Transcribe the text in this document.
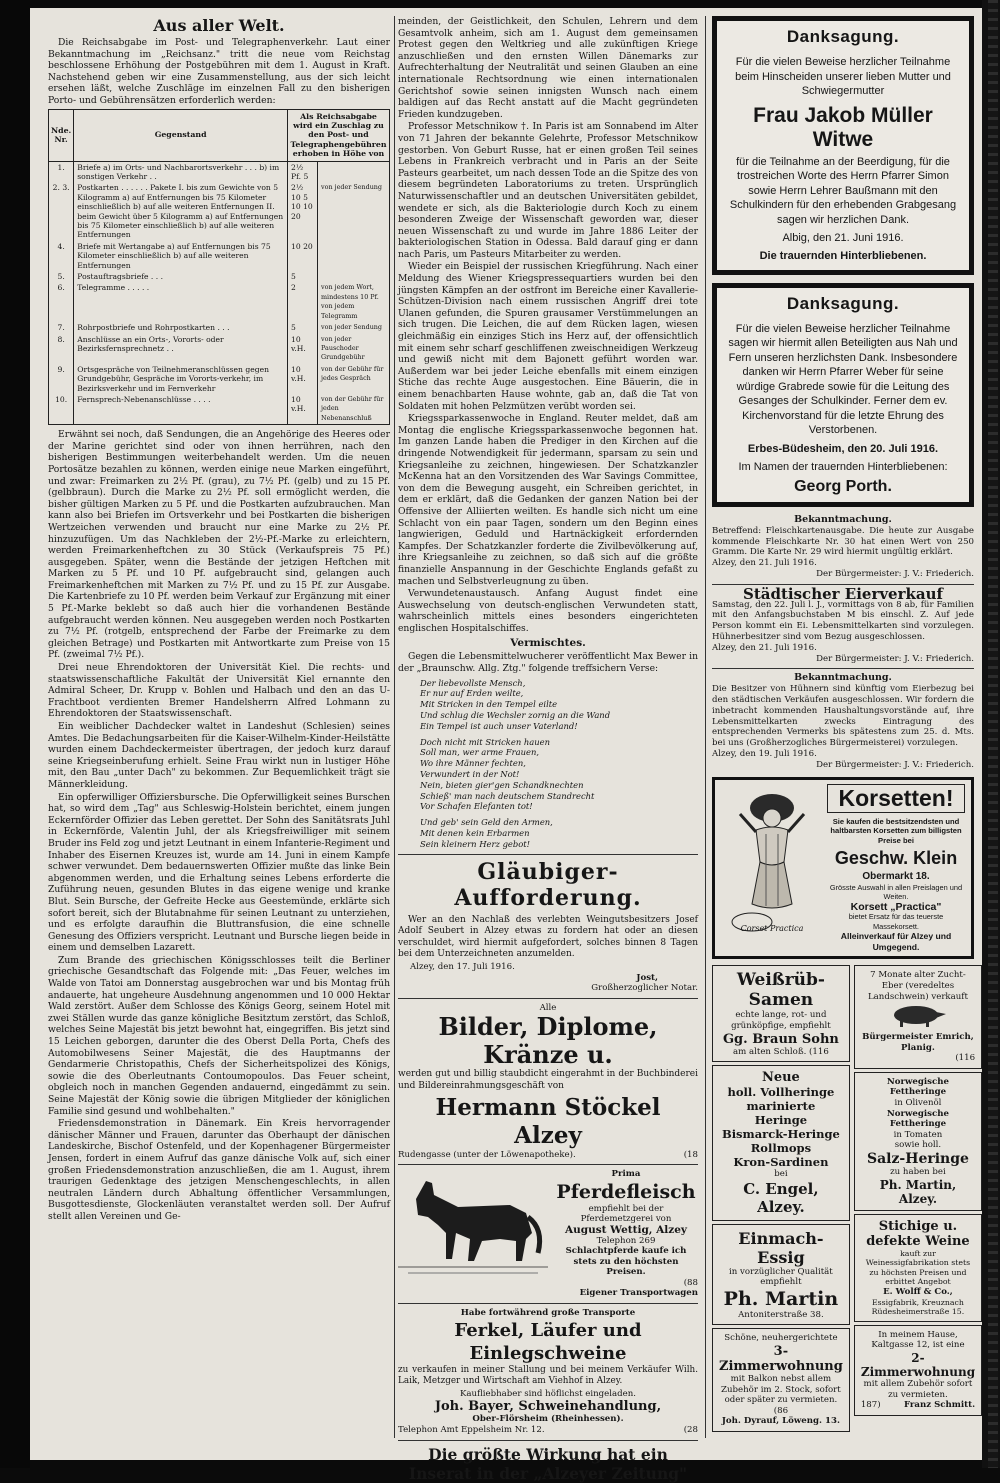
Aus aller Welt.

Die Reichsabgabe im Post- und Telegraphenverkehr. Laut einer Bekanntmachung im „Reichsanz." tritt die neue vom Reichstag beschlossene Erhöhung der Postgebühren mit dem 1. August in Kraft. Nachstehend geben wir eine Zusammenstellung, aus der sich leicht ersehen läßt, welche Zuschläge im einzelnen Fall zu den bisherigen Porto- und Gebührensätzen erforderlich werden:

Nde. Nr.	Gegenstand	Als Reichsabgabe wird ein Zuschlag zu den Post- und Telegraphengebühren erhoben in Höhe von	
1.	Briefe a) im Orts- und Nachbarortsverkehr . . . b) im sonstigen Verkehr . .	2½ Pf. 5	
2. 3.	Postkarten . . . . . . Pakete I. bis zum Gewichte von 5 Kilogramm a) auf Entfernungen bis 75 Kilometer einschließlich b) auf alle weiteren Entfernungen II. beim Gewicht über 5 Kilogramm a) auf Entfernungen bis 75 Kilometer einschließlich b) auf alle weiteren Entfernungen	2½ 10 5 10 10 20	von jeder Sendung
4.	Briefe mit Wertangabe a) auf Entfernungen bis 75 Kilometer einschließlich b) auf alle weiteren Entfernungen	10 20	
5.	Postauftragsbriefe . . .	5	
6.	Telegramme . . . . .	2	von jedem Wort, mindestens 10 Pf. von jedem Telegramm
7.	Rohrpostbriefe und Rohrpostkarten . . .	5	von jeder Sendung
8.	Anschlüsse an ein Orts-, Vororts- oder Bezirksfernsprechnetz . .	10 v.H.	von jeder Pauschoder Grundgebühr
9.	Ortsgespräche von Teilnehmeranschlüssen gegen Grundgebühr, Gespräche im Vororts-verkehr, im Bezirksverkehr und im Fernverkehr	10 v.H.	von der Gebühr für jedes Gespräch
10.	Fernsprech-Nebenanschlüsse . . . .	10 v.H.	von der Gebühr für jeden Nebenanschluß

Erwähnt sei noch, daß Sendungen, die an Angehörige des Heeres oder der Marine gerichtet sind oder von ihnen herrühren, nach den bisherigen Bestimmungen weiterbehandelt werden. Um die neuen Portosätze bezahlen zu können, werden einige neue Marken eingeführt, und zwar: Freimarken zu 2½ Pf. (grau), zu 7½ Pf. (gelb) und zu 15 Pf. (gelbbraun). Durch die Marke zu 2½ Pf. soll ermöglicht werden, die bisher gültigen Marken zu 5 Pf. und die Postkarten aufzubrauchen. Man kann also bei Briefen im Ortsverkehr und bei Postkarten die bisherigen Wertzeichen verwenden und braucht nur eine Marke zu 2½ Pf. hinzuzufügen. Um das Nachkleben der 2½-Pf.-Marke zu erleichtern, werden Freimarkenheftchen zu 30 Stück (Verkaufspreis 75 Pf.) ausgegeben. Später, wenn die Bestände der jetzigen Heftchen mit Marken zu 5 Pf. und 10 Pf. aufgebraucht sind, gelangen auch Freimarkenheftchen mit Marken zu 7½ Pf. und zu 15 Pf. zur Ausgabe. Die Kartenbriefe zu 10 Pf. werden beim Verkauf zur Ergänzung mit einer 5 Pf.-Marke beklebt so daß auch hier die vorhandenen Bestände aufgebraucht werden können. Neu ausgegeben werden noch Postkarten zu 7½ Pf. (rotgelb, entsprechend der Farbe der Freimarke zu dem gleichen Betrage) und Postkarten mit Antwortkarte zum Preise von 15 Pf. (zweimal 7½ Pf.).

Drei neue Ehrendoktoren der Universität Kiel. Die rechts- und staatswissenschaftliche Fakultät der Universität Kiel ernannte den Admiral Scheer, Dr. Krupp v. Bohlen und Halbach und den an das U-Frachtboot verdienten Bremer Handelsherrn Alfred Lohmann zu Ehrendoktoren der Staatswissenschaft.

Ein weiblicher Dachdecker waltet in Landeshut (Schlesien) seines Amtes. Die Bedachungsarbeiten für die Kaiser-Wilhelm-Kinder-Heilstätte wurden einem Dachdeckermeister übertragen, der jedoch kurz darauf seine Kriegseinberufung erhielt. Seine Frau wirkt nun in lustiger Höhe mit, den Bau „unter Dach" zu bekommen. Zur Bequemlichkeit trägt sie Männerkleidung.

Ein opferwilliger Offiziersbursche. Die Opferwilligkeit seines Burschen hat, so wird dem „Tag" aus Schleswig-Holstein berichtet, einem jungen Eckernförder Offizier das Leben gerettet. Der Sohn des Sanitätsrats Juhl in Eckernförde, Valentin Juhl, der als Kriegsfreiwilliger mit seinem Bruder ins Feld zog und jetzt Leutnant in einem Infanterie-Regiment und Inhaber des Eisernen Kreuzes ist, wurde am 14. Juni in einem Kampfe schwer verwundet. Dem bedauernswerten Offizier mußte das linke Bein abgenommen werden, und die Erhaltung seines Lebens erforderte die Zuführung neuen, gesunden Blutes in das eigene wenige und kranke Blut. Sein Bursche, der Gefreite Hecke aus Geestemünde, erklärte sich sofort bereit, sich der Blutabnahme für seinen Leutnant zu unterziehen, und es erfolgte daraufhin die Bluttransfusion, die eine schnelle Genesung des Offiziers verspricht. Leutnant und Bursche liegen beide in einem und demselben Lazarett.

Zum Brande des griechischen Königsschlosses teilt die Berliner griechische Gesandtschaft das Folgende mit: „Das Feuer, welches im Walde von Tatoi am Donnerstag ausgebrochen war und bis Montag früh andauerte, hat ungeheure Ausdehnung angenommen und 10 000 Hektar Wald zerstört. Außer dem Schlosse des Königs Georg, seinem Hotel mit zwei Ställen wurde das ganze königliche Besitztum zerstört, das Schloß, welches Seine Majestät bis jetzt bewohnt hat, eingegriffen. Bis jetzt sind 15 Leichen geborgen, darunter die des Oberst Della Porta, Chefs des Automobilwesens Seiner Majestät, die des Hauptmanns der Gendarmerie Christopathis, Chefs der Sicherheitspolizei des Königs, sowie die des Oberleutnants Contoumopoulos. Das Feuer scheint, obgleich noch in manchen Gegenden andauernd, eingedämmt zu sein. Seine Majestät der König sowie die übrigen Mitglieder der königlichen Familie sind gesund und wohlbehalten."

Friedensdemonstration in Dänemark. Ein Kreis hervorragender dänischer Männer und Frauen, darunter das Oberhaupt der dänischen Landeskirche, Bischof Ostenfeld, und der Kopenhagener Bürgermeister Jensen, fordert in einem Aufruf das ganze dänische Volk auf, sich einer großen Friedensdemonstration anzuschließen, die am 1. August, ihrem traurigen Gedenktage des jetzigen Menschengeschlechts, in allen neutralen Ländern durch Abhaltung öffentlicher Versammlungen, Busgottesdienste, Glockenläuten veranstaltet werden soll. Der Aufruf stellt allen Vereinen und Ge-

meinden, der Geistlichkeit, den Schulen, Lehrern und dem Gesamtvolk anheim, sich am 1. August dem gemeinsamen Protest gegen den Weltkrieg und alle zukünftigen Kriege anzuschließen und den ernsten Willen Dänemarks zur Aufrechterhaltung der Neutralität und seinen Glauben an eine internationale Rechtsordnung wie einen internationalen Gerichtshof sowie seinen innigsten Wunsch nach einem baldigen auf das Recht anstatt auf die Macht gegründeten Frieden kundzugeben.

Professor Metschnikow †. In Paris ist am Sonnabend im Alter von 71 Jahren der bekannte Gelehrte, Professor Metschnikow gestorben. Von Geburt Russe, hat er einen großen Teil seines Lebens in Frankreich verbracht und in Paris an der Seite Pasteurs gearbeitet, um nach dessen Tode an die Spitze des von diesem begründeten Laboratoriums zu treten. Ursprünglich Naturwissenschaftler und an deutschen Universitäten gebildet, wendete er sich, als die Bakteriologie durch Koch zu einem besonderen Zweige der Wissenschaft geworden war, dieser neuen Wissenschaft zu und wurde im Jahre 1886 Leiter der bakteriologischen Station in Odessa. Bald darauf ging er dann nach Paris, um Pasteurs Mitarbeiter zu werden.

Wieder ein Beispiel der russischen Kriegführung. Nach einer Meldung des Wiener Kriegspressequartiers wurden bei den jüngsten Kämpfen an der ostfront im Bereiche einer Kavallerie-Schützen-Division nach einem russischen Angriff drei tote Ulanen gefunden, die Spuren grausamer Verstümmelungen an sich trugen. Die Leichen, die auf dem Rücken lagen, wiesen gleichmäßig ein einziges Stich ins Herz auf, der offensichtlich mit einem sehr scharf geschliffenen zweischneidigen Werkzeug und gewiß nicht mit dem Bajonett geführt worden war. Außerdem war bei jeder Leiche ebenfalls mit einem einzigen Stiche das rechte Auge ausgestochen. Eine Bäuerin, die in einem benachbarten Hause wohnte, gab an, daß die Tat von Soldaten mit hohen Pelzmützen verübt worden sei.

Kriegssparkassenwoche in England. Reuter meldet, daß am Montag die englische Kriegssparkassenwoche begonnen hat. Im ganzen Lande haben die Prediger in den Kirchen auf die dringende Notwendigkeit für jedermann, sparsam zu sein und Kriegsanleihe zu zeichnen, hingewiesen. Der Schatzkanzler McKenna hat an den Vorsitzenden des War Savings Committee, von dem die Bewegung ausgeht, ein Schreiben gerichtet, in dem er erklärt, daß die Gedanken der ganzen Nation bei der Offensive der Alliierten weilten. Es handle sich nicht um eine Schlacht von ein paar Tagen, sondern um den Beginn eines langwierigen, Geduld und Hartnäckigkeit erfordernden Kampfes. Der Schatzkanzler forderte die Zivilbevölkerung auf, ihre Kriegsanleihe zu zeichnen, so daß sich auf die größte finanzielle Anspannung in der Geschichte Englands gefaßt zu machen und Selbstverleugnung zu üben.

Verwundetenaustausch. Anfang August findet eine Auswechselung von deutsch-englischen Verwundeten statt, wahrscheinlich mittels eines besonders eingerichteten englischen Hospitalschiffes.

Vermischtes.

Gegen die Lebensmittelwucherer veröffentlicht Max Bewer in der „Braunschw. Allg. Ztg." folgende treffsichern Verse:

Der liebevollste Mensch,
Er nur auf Erden weilte,
Mit Stricken in den Tempel eilte
Und schlug die Wechsler zornig an die Wand
Ein Tempel ist auch unser Vaterland!
Doch nicht mit Stricken hauen
Soll man, wer arme Frauen,
Wo ihre Männer fechten,
Verwundert in der Not!
Nein, bieten gier'gen Schandknechten
Schieß' man nach deutschem Standrecht
Vor Schafen Elefanten tot!
Und geb' sein Geld den Armen,
Mit denen kein Erbarmen
Sein kleinern Herz gebot!
Gläubiger-Aufforderung.

Wer an den Nachlaß des verlebten Weingutsbesitzers Josef Adolf Seubert in Alzey etwas zu fordern hat oder an diesen verschuldet, wird hiermit aufgefordert, solches binnen 8 Tagen bei dem Unterzeichneten anzumelden.

Alzey, den 17. Juli 1916.
Jost,
Großherzoglicher Notar.
Alle
Bilder, Diplome, Kränze u.

werden gut und billig staubdicht eingerahmt in der Buchbinderei und Bildereinrahmungsgeschäft von

Hermann Stöckel Alzey
Rudengasse (unter der Löwenapotheke).	(18
Prima
Pferdefleisch
empfiehlt bei der Pferdemetzgerei von
August Wettig, Alzey
Telephon 269
Schlachtpferde kaufe ich stets zu den höchsten Preisen.
(88
Eigener Transportwagen
Habe fortwährend große Transporte
Ferkel, Läufer und Einlegschweine

zu verkaufen in meiner Stallung und bei meinem Verkäufer Wilh. Laik, Metzger und Wirtschaft am Viehhof in Alzey.

Kaufliebhaber sind höflichst eingeladen.
Joh. Bayer, Schweinehandlung,
Ober-Flörsheim (Rheinhessen).
Telephon Amt Eppelsheim Nr. 12.	(28
Die größte Wirkung hat ein Inserat in der „Alzeyer Zeitung"
Danksagung.
Für die vielen Beweise herzlicher Teilnahme beim Hinscheiden unserer lieben Mutter und Schwiegermutter
Frau Jakob Müller Witwe
für die Teilnahme an der Beerdigung, für die trostreichen Worte des Herrn Pfarrer Simon sowie Herrn Lehrer Baußmann mit den Schulkindern für den erhebenden Grabgesang sagen wir herzlichen Dank.
Albig, den 21. Juni 1916.
Die trauernden Hinterbliebenen.
Danksagung.
Für die vielen Beweise herzlicher Teilnahme sagen wir hiermit allen Beteiligten aus Nah und Fern unseren herzlichsten Dank. Insbesondere danken wir Herrn Pfarrer Weber für seine würdige Grabrede sowie für die Leitung des Gesanges der Schulkinder. Ferner dem ev. Kirchenvorstand für die letzte Ehrung des Verstorbenen.
Erbes-Büdesheim, den 20. Juli 1916.
Im Namen der trauernden Hinterbliebenen:
Georg Porth.
Bekanntmachung.
Betreffend: Fleischkartenausgabe. Die heute zur Ausgabe kommende Fleischkarte Nr. 30 hat einen Wert von 250 Gramm. Die Karte Nr. 29 wird hiermit ungültig erklärt.
Alzey, den 21. Juli 1916.
Der Bürgermeister: J. V.: Friederich.
Städtischer Eierverkauf
Samstag, den 22. Juli l. J., vormittags von 8 ab, für Familien mit den Anfangsbuchstaben M bis einschl. Z. Auf jede Person kommt ein Ei. Lebensmittelkarten sind vorzulegen. Hühnerbesitzer sind vom Bezug ausgeschlossen.
Alzey, den 21. Juli 1916.
Der Bürgermeister: J. V.: Friederich.
Bekanntmachung.
Die Besitzer von Hühnern sind künftig vom Eierbezug bei den städtischen Verkäufen ausgeschlossen. Wir fordern die inbetracht kommenden Haushaltungsvorstände auf, ihre Lebensmittelkarten zwecks Eintragung des entsprechenden Vermerks bis spätestens zum 25. d. Mts. bei uns (Großherzogliches Bürgermeisterei) vorzulegen.
Alzey, den 19. Juli 1916.
Der Bürgermeister: J. V.: Friederich.
Corset Practica
Korsetten!
Sie kaufen die bestsitzendsten und haltbarsten Korsetten zum billigsten Preise bei
Geschw. Klein
Obermarkt 18.
Grösste Auswahl in allen Preislagen und Weiten.
Korsett „Practica"
bietet Ersatz für das teuerste Massekorsett.
Alleinverkauf für Alzey und Umgegend.
Weißrüb-Samen
echte lange, rot- und grünköpfige, empfiehlt
Gg. Braun Sohn
am alten Schloß. (116
Neue
holl. Vollheringe
marinierte Heringe
Bismarck-Heringe
Rollmops
Kron-Sardinen
bei
C. Engel, Alzey.
Einmach-Essig
in vorzüglicher Qualität empfiehlt
Ph. Martin
Antoniterstraße 38.
Schöne, neuhergerichtete
3-Zimmerwohnung
mit Balkon nebst allem Zubehör im 2. Stock, sofort oder später zu vermieten. (86
Joh. Dyrauf, Löweng. 13.
7 Monate alter Zucht-Eber (veredeltes Landschwein) verkauft
Bürgermeister Emrich, Planig.
(116
Norwegische Fettheringe
in Olivenöl
Norwegische Fettheringe
in Tomaten
sowie holl.
Salz-Heringe
zu haben bei
Ph. Martin, Alzey.
Stichige u. defekte Weine
kauft zur Weinessigfabrikation stets zu höchsten Preisen und erbittet Angebot
E. Wolff & Co.,
Essigfabrik, Kreuznach Rüdesheimerstraße 15.
In meinem Hause, Kaltgasse 12, ist eine
2-Zimmerwohnung
mit allem Zubehör sofort zu vermieten.
187)	Franz Schmitt.
